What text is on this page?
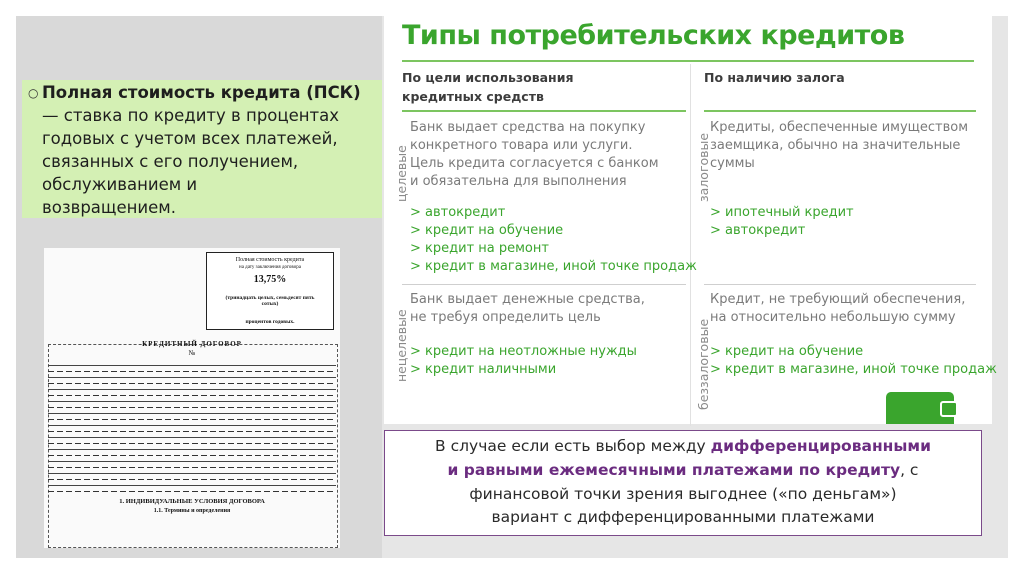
○ Полная стоимость кредита (ПСК)
— ставка по кредиту в процентах
годовых с учетом всех платежей,
связанных с его получением,
обслуживанием и
возвращением.
Полная стоимость кредита
на дату заключения договора
13,75%
(тринадцать целых, семьдесят пять
сотых)
процентов годовых.
КРЕДИТНЫЙ ДОГОВОР
№
1. ИНДИВИДУАЛЬНЫЕ УСЛОВИЯ ДОГОВОРА
1.1. Термины и определения
Типы потребительских кредитов
По цели использования
кредитных средств
По наличию залога
целевые
Банк выдает средства на покупку
конкретного товара или услуги.
Цель кредита согласуется с банком
и обязательна для выполнения
> автокредит
> кредит на обучение
> кредит на ремонт
> кредит в магазине, иной точке продаж
залоговые
Кредиты, обеспеченные имуществом
заемщика, обычно на значительные
суммы
> ипотечный кредит
> автокредит
нецелевые
Банк выдает денежные средства,
не требуя определить цель
> кредит на неотложные нужды
> кредит наличными	беззалоговые
Кредит, не требующий обеспечения,
на относительно небольшую сумму
> кредит на обучение
> кредит в магазине, иной точке продаж
В случае если есть выбор между дифференцированными
и равными ежемесячными платежами по кредиту, с
финансовой точки зрения выгоднее («по деньгам»)
вариант с дифференцированными платежами
